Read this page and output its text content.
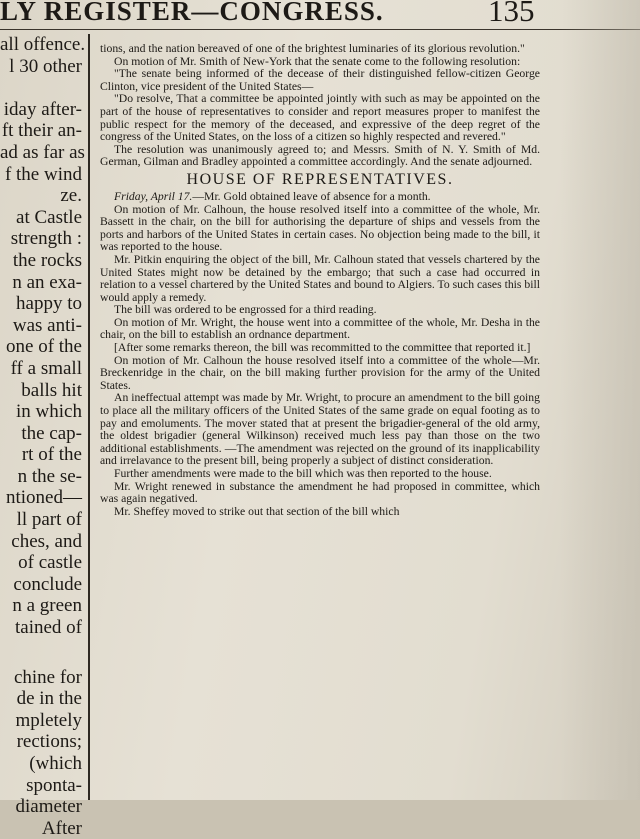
LY REGISTER—CONGRESS.	135
all offence.
l 30 other
iday after-
ft their an-
ad as far as
f the wind
ze.
at Castle
strength :
the rocks
n an exa-
happy to
was anti-
one of the
ff a small
balls hit
in which
the cap-
rt of the
n the se-
ntioned—
ll part of
ches, and
of castle
conclude
n a green
tained of
chine for
de in the
mpletely
rections;
(which
sponta-
diameter
After

tions, and the nation bereaved of one of the brightest luminaries of its glorious revolution."

On motion of Mr. Smith of New-York that the senate come to the following resolution:

"The senate being informed of the decease of their distinguished fellow-citizen George Clinton, vice president of the United States—

"Do resolve, That a committee be appointed jointly with such as may be appointed on the part of the house of representatives to consider and report measures proper to manifest the public respect for the memory of the deceased, and expressive of the deep regret of the congress of the United States, on the loss of a citizen so highly respected and revered."

The resolution was unanimously agreed to; and Messrs. Smith of N. Y. Smith of Md. German, Gilman and Bradley appointed a committee accordingly. And the senate adjourned.

HOUSE OF REPRESENTATIVES.

Friday, April 17.—Mr. Gold obtained leave of absence for a month.

On motion of Mr. Calhoun, the house resolved itself into a committee of the whole, Mr. Bassett in the chair, on the bill for authorising the departure of ships and vessels from the ports and harbors of the United States in certain cases. No objection being made to the bill, it was reported to the house.

Mr. Pitkin enquiring the object of the bill, Mr. Calhoun stated that vessels chartered by the United States might now be detained by the embargo; that such a case had occurred in relation to a vessel chartered by the United States and bound to Algiers. To such cases this bill would apply a remedy.

The bill was ordered to be engrossed for a third reading.

On motion of Mr. Wright, the house went into a committee of the whole, Mr. Desha in the chair, on the bill to establish an ordnance department.

[After some remarks thereon, the bill was recommitted to the committee that reported it.]

On motion of Mr. Calhoun the house resolved itself into a committee of the whole—Mr. Breckenridge in the chair, on the bill making further provision for the army of the United States.

An ineffectual attempt was made by Mr. Wright, to procure an amendment to the bill going to place all the military officers of the United States of the same grade on equal footing as to pay and emoluments. The mover stated that at present the brigadier-general of the old army, the oldest brigadier (general Wilkinson) received much less pay than those on the two additional establishments. —The amendment was rejected on the ground of its inapplicability and irrelavance to the present bill, being properly a subject of distinct consideration.

Further amendments were made to the bill which was then reported to the house.

Mr. Wright renewed in substance the amendment he had proposed in committee, which was again negatived.

Mr. Sheffey moved to strike out that section of the bill which
